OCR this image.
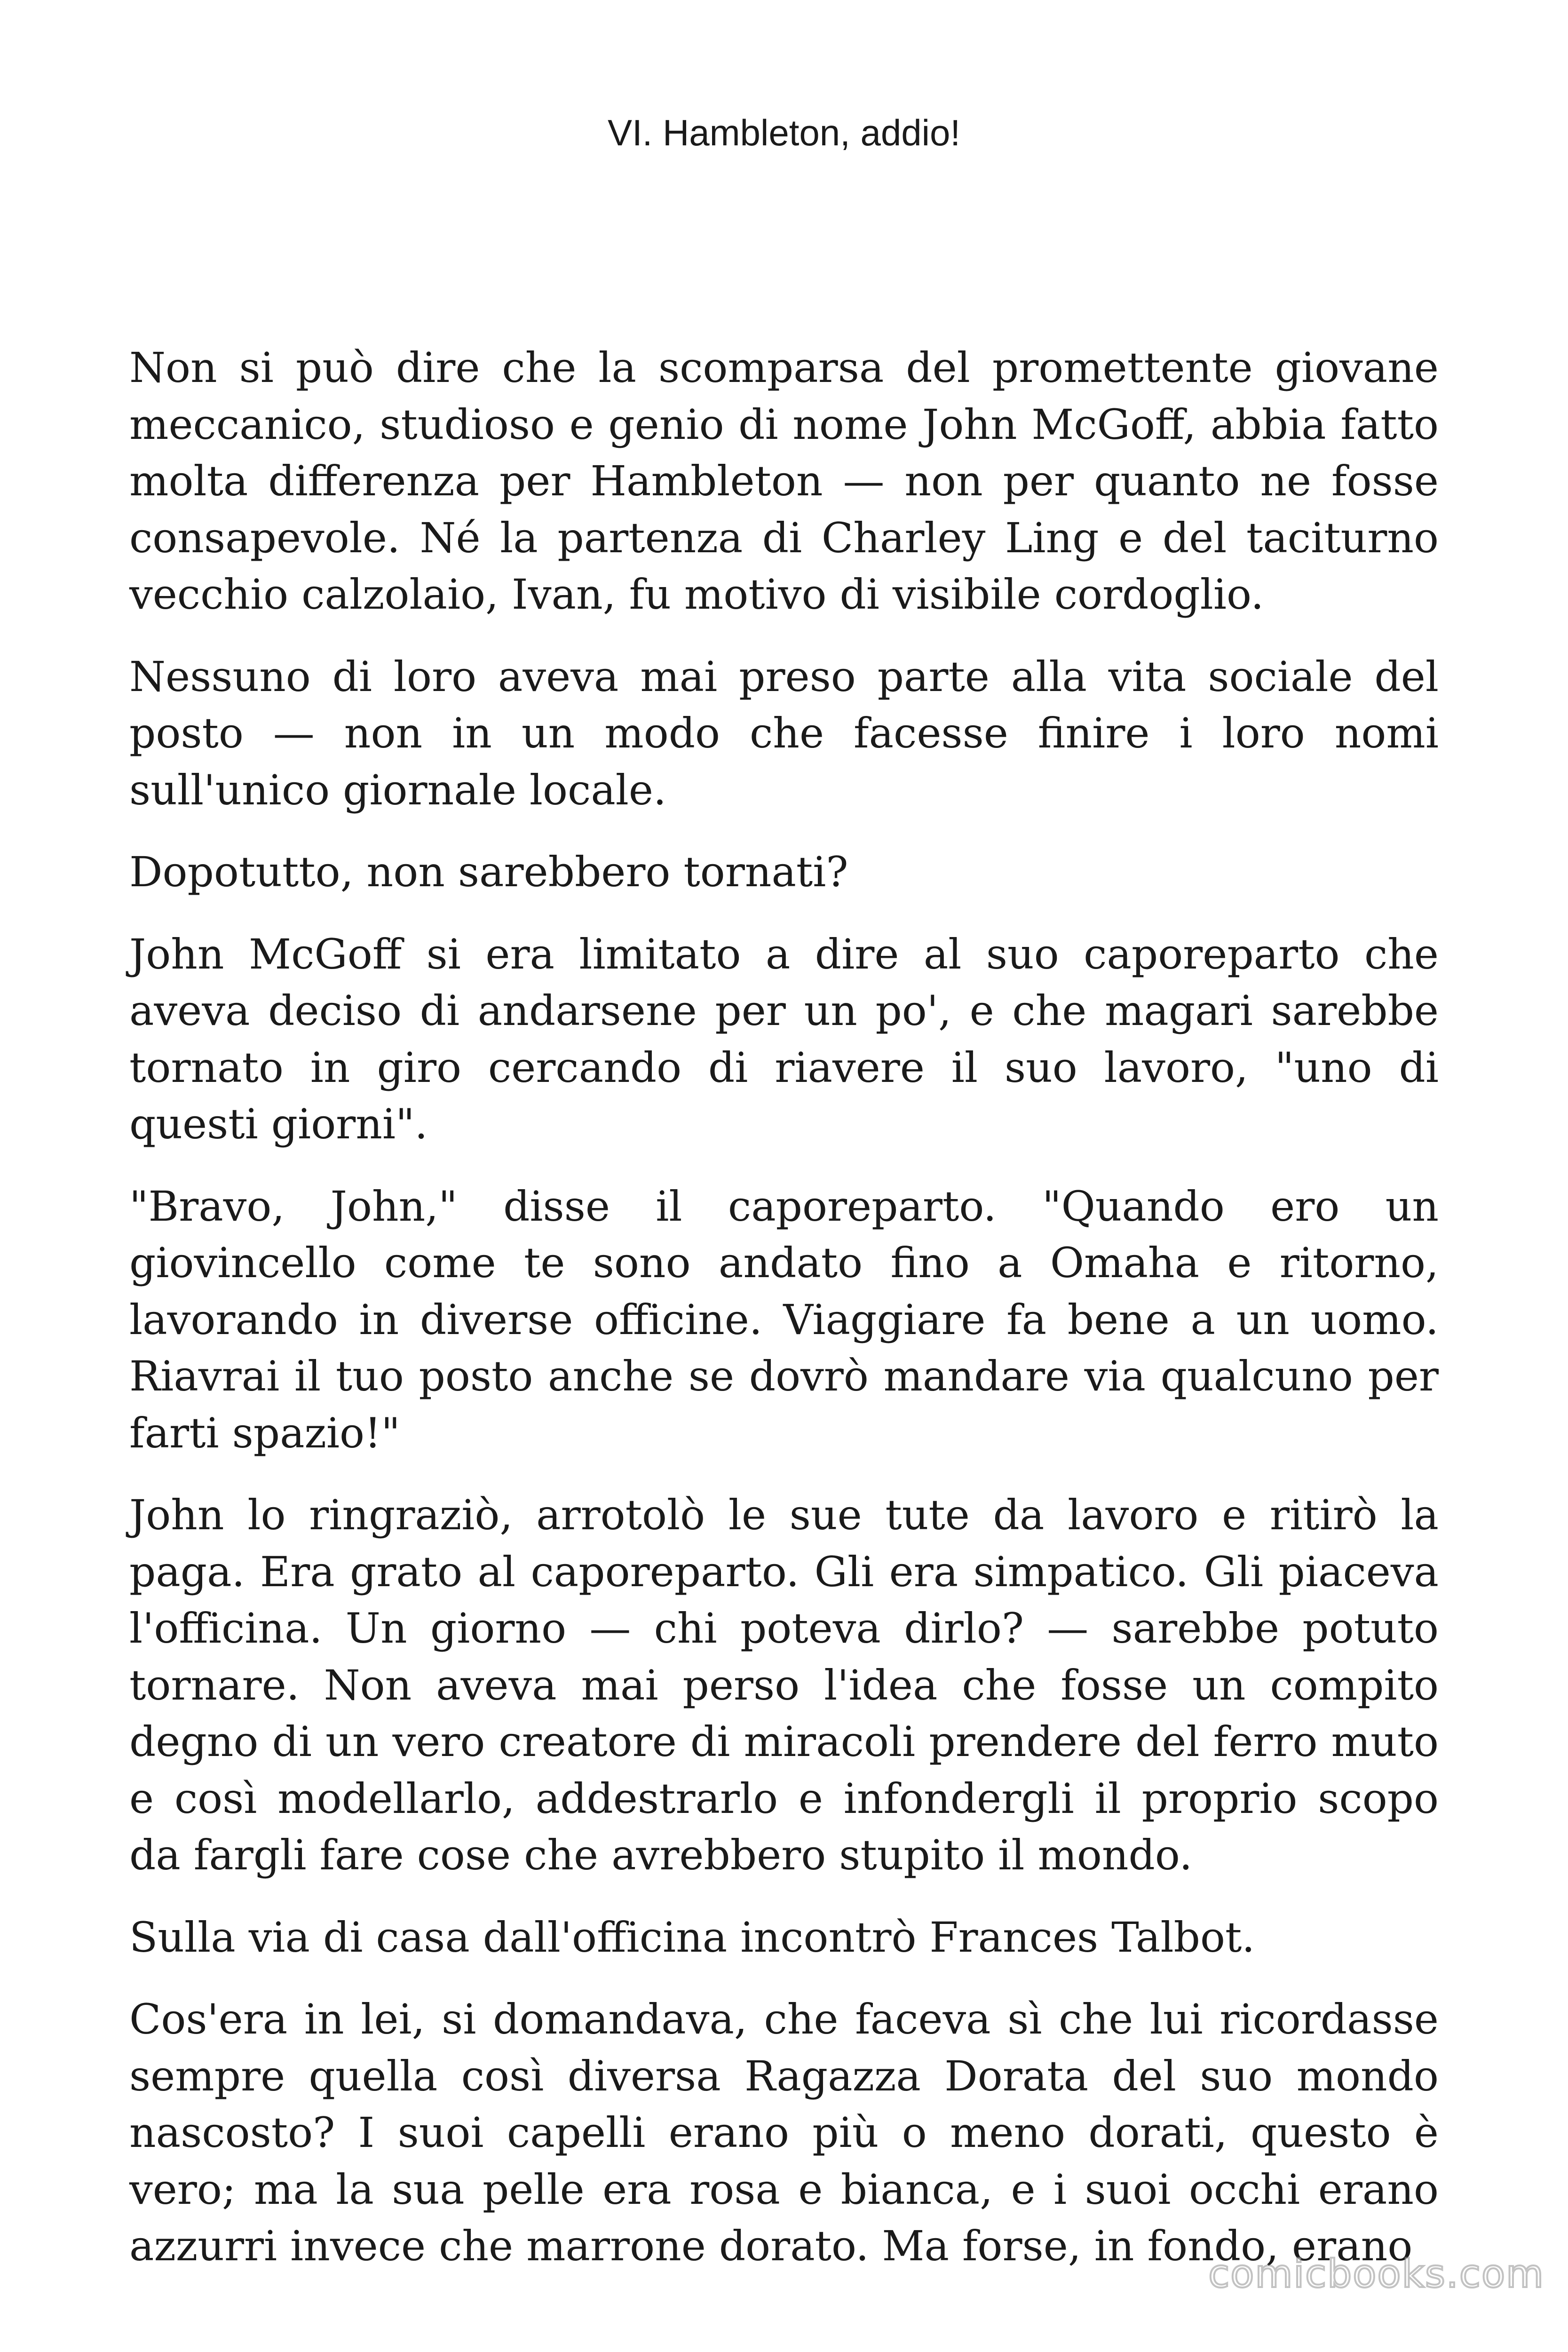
VI. Hambleton, addio!

Non si può dire che la scomparsa del promettente giovane meccanico, studioso e genio di nome John McGoff, abbia fatto molta differenza per Hambleton — non per quanto ne fosse consapevole. Né la partenza di Charley Ling e del taciturno vecchio calzolaio, Ivan, fu motivo di visibile cordoglio.

Nessuno di loro aveva mai preso parte alla vita sociale del posto — non in un modo che facesse finire i loro nomi sull'unico giornale locale.

Dopotutto, non sarebbero tornati?

John McGoff si era limitato a dire al suo caporeparto che aveva deciso di andarsene per un po', e che magari sarebbe tornato in giro cercando di riavere il suo lavoro, "uno di questi giorni".

"Bravo, John," disse il caporeparto. "Quando ero un giovincello come te sono andato fino a Omaha e ritorno, lavorando in diverse officine. Viaggiare fa bene a un uomo. Riavrai il tuo posto anche se dovrò mandare via qualcuno per farti spazio!"

John lo ringraziò, arrotolò le sue tute da lavoro e ritirò la paga. Era grato al caporeparto. Gli era simpatico. Gli piaceva l'officina. Un giorno — chi poteva dirlo? — sarebbe potuto tornare. Non aveva mai perso l'idea che fosse un compito degno di un vero creatore di miracoli prendere del ferro muto e così modellarlo, addestrarlo e infondergli il proprio scopo da fargli fare cose che avrebbero stupito il mondo.

Sulla via di casa dall'officina incontrò Frances Talbot.

Cos'era in lei, si domandava, che faceva sì che lui ricordasse sempre quella così diversa Ragazza Dorata del suo mondo nascosto? I suoi capelli erano più o meno dorati, questo è vero; ma la sua pelle era rosa e bianca, e i suoi occhi erano azzurri invece che marrone dorato. Ma forse, in fondo, erano

comicbooks.com
